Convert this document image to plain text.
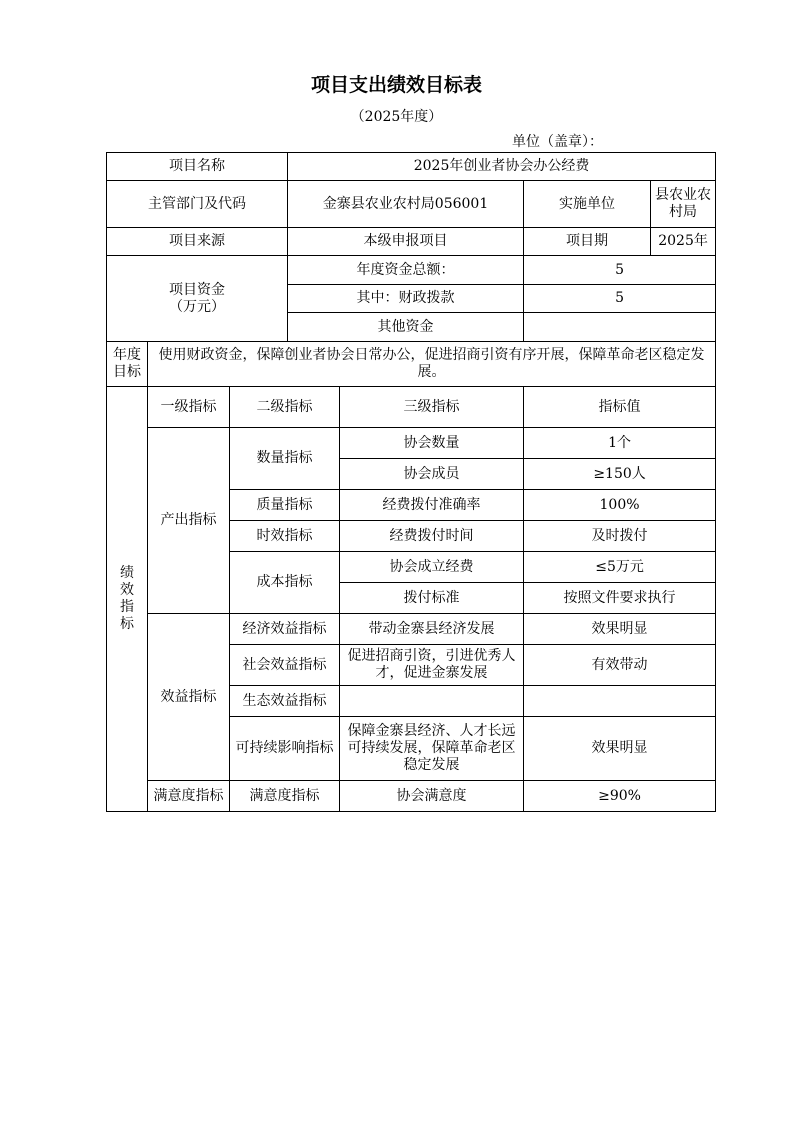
项目支出绩效目标表
（2025年度）
单位（盖章）：
项目名称			2025年创业者协会办公经费			
主管部门及代码			金寨县农业农村局056001		实施单位	县农业农村局
项目来源			本级申报项目		项目期	2025年

项目资金
（万元）			年度资金总额：		5	
			其中：财政拨款		5	
			其他资金			
年度目标	使用财政资金，保障创业者协会日常办公，促进招商引资有序开展，保障革命老区稳定发展。					

绩
效
指
标	一级指标	二级指标		三级指标	指标值	
	产出指标	数量指标		协会数量	1个	
				协会成员	≥150人	
		质量指标		经费拨付准确率	100%	
		时效指标		经费拨付时间	及时拨付	
		成本指标		协会成立经费	≤5万元	
				拨付标准	按照文件要求执行	
	效益指标	经济效益指标		带动金寨县经济发展	效果明显	
		社会效益指标		促进招商引资，引进优秀人才，促进金寨发展	有效带动	
		生态效益指标				
		可持续影响指标		保障金寨县经济、人才长远可持续发展，保障革命老区稳定发展	效果明显	
	满意度指标	满意度指标		协会满意度	≥90%	
